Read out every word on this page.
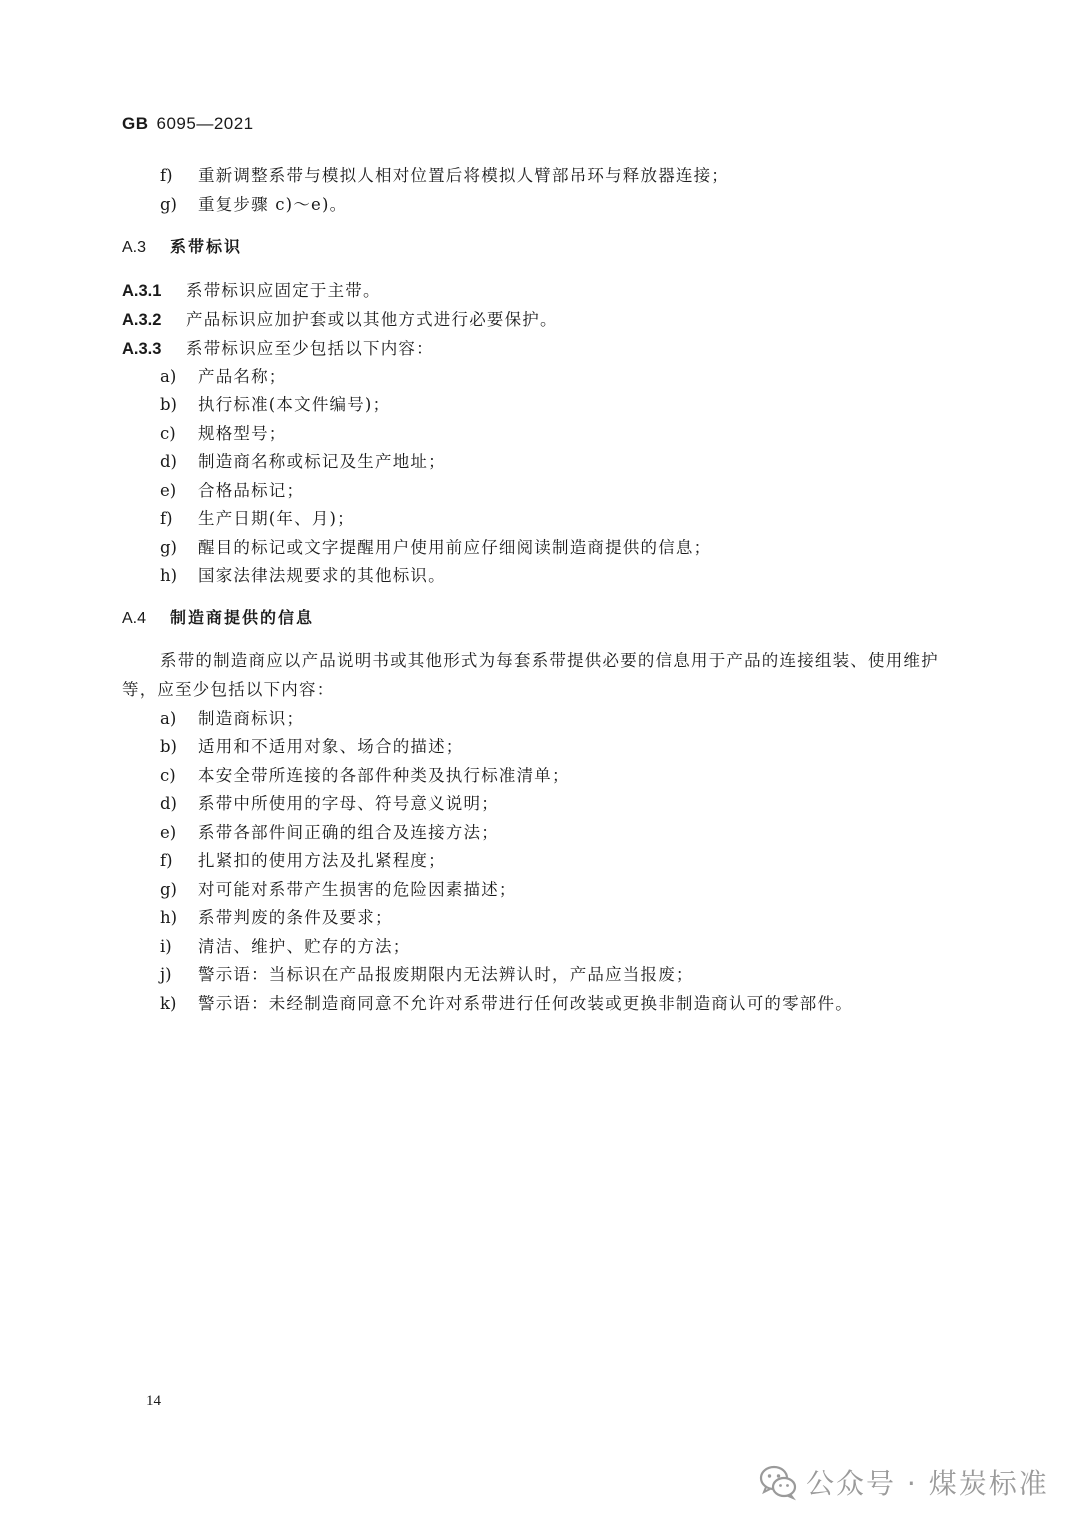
GB 6095—2021
f) 重新调整系带与模拟人相对位置后将模拟人臂部吊环与释放器连接；
g) 重复步骤 c)～e)。
A.3 系带标识
A.3.1 系带标识应固定于主带。
A.3.2 产品标识应加护套或以其他方式进行必要保护。
A.3.3 系带标识应至少包括以下内容：
a) 产品名称；
b) 执行标准(本文件编号)；
c) 规格型号；
d) 制造商名称或标记及生产地址；
e) 合格品标记；
f) 生产日期(年、月)；
g) 醒目的标记或文字提醒用户使用前应仔细阅读制造商提供的信息；
h) 国家法律法规要求的其他标识。
A.4 制造商提供的信息
系带的制造商应以产品说明书或其他形式为每套系带提供必要的信息用于产品的连接组装、使用维护等，应至少包括以下内容：
a) 制造商标识；
b) 适用和不适用对象、场合的描述；
c) 本安全带所连接的各部件种类及执行标准清单；
d) 系带中所使用的字母、符号意义说明；
e) 系带各部件间正确的组合及连接方法；
f) 扎紧扣的使用方法及扎紧程度；
g) 对可能对系带产生损害的危险因素描述；
h) 系带判废的条件及要求；
i) 清洁、维护、贮存的方法；
j) 警示语：当标识在产品报废期限内无法辨认时，产品应当报废；
k) 警示语：未经制造商同意不允许对系带进行任何改装或更换非制造商认可的零部件。
14
公众号 · 煤炭标准
